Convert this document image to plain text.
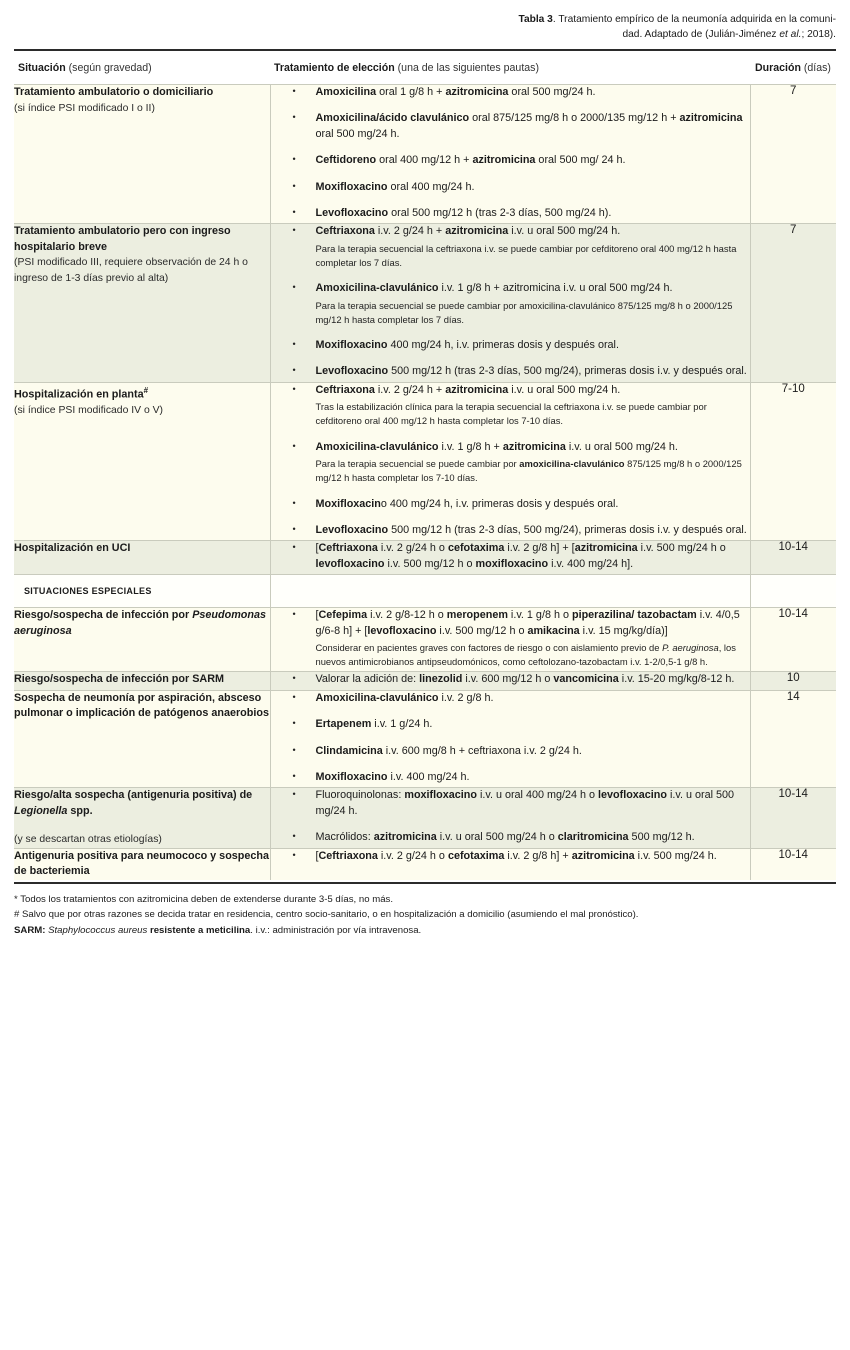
Tabla 3. Tratamiento empírico de la neumonía adquirida en la comuni-
dad. Adaptado de (Julián-Jiménez et al.; 2018).
Situación (según gravedad)	Tratamiento de elección (una de las siguientes pautas)	Duración (días)
Tratamiento ambulatorio o domiciliario
(si índice PSI modificado I o II)

• Amoxicilina oral 1 g/8 h + azitromicina oral 500 mg/24 h.
• Amoxicilina/ácido clavulánico oral 875/125 mg/8 h o 2000/135 mg/12 h + azitromicina oral 500 mg/24 h.
• Ceftidoreno oral 400 mg/12 h + azitromicina oral 500 mg/ 24 h.
• Moxifloxacino oral 400 mg/24 h.
• Levofloxacino oral 500 mg/12 h (tras 2-3 días, 500 mg/24 h).
	7

Tratamiento ambulatorio pero con ingreso hospitalario breve
(PSI modificado III, requiere observación de 24 h o ingreso de 1-3 días previo al alta)

• Ceftriaxona i.v. 2 g/24 h + azitromicina i.v. u oral 500 mg/24 h.
Para la terapia secuencial la ceftriaxona i.v. se puede cambiar por cefditoreno oral 400 mg/12 h hasta completar los 7 días.
• Amoxicilina-clavulánico i.v. 1 g/8 h + azitromicina i.v. u oral 500 mg/24 h.
Para la terapia secuencial se puede cambiar por amoxicilina-clavulánico 875/125 mg/8 h o 2000/125 mg/12 h hasta completar los 7 días.
• Moxifloxacino 400 mg/24 h, i.v. primeras dosis y después oral.
• Levofloxacino 500 mg/12 h (tras 2-3 días, 500 mg/24), primeras dosis i.v. y después oral.
	7

Hospitalización en planta#
(si índice PSI modificado IV o V)

• Ceftriaxona i.v. 2 g/24 h + azitromicina i.v. u oral 500 mg/24 h.
Tras la estabilización clínica para la terapia secuencial la ceftriaxona i.v. se puede cambiar por cefditoreno oral 400 mg/12 h hasta completar los 7-10 días.
• Amoxicilina-clavulánico i.v. 1 g/8 h + azitromicina i.v. u oral 500 mg/24 h.
Para la terapia secuencial se puede cambiar por amoxicilina-clavulánico 875/125 mg/8 h o 2000/125 mg/12 h hasta completar los 7-10 días.
• Moxifloxacino 400 mg/24 h, i.v. primeras dosis y después oral.
• Levofloxacino 500 mg/12 h (tras 2-3 días, 500 mg/24), primeras dosis i.v. y después oral.
	7-10

Hospitalización en UCI

•[Ceftriaxona i.v. 2 g/24 h o cefotaxima i.v. 2 g/8 h] + [azitromicina i.v. 500 mg/24 h o levofloxacino i.v. 500 mg/12 h o moxifloxacino i.v. 400 mg/24 h].
	10-14

SITUACIONES ESPECIALES		

Riesgo/sospecha de infección por Pseudomonas aeruginosa

• [Cefepima i.v. 2 g/8-12 h o meropenem i.v. 1 g/8 h o piperazilina/ tazobactam i.v. 4/0,5 g/6-8 h] + [levofloxacino i.v. 500 mg/12 h o amikacina i.v. 15 mg/kg/día)]
Considerar en pacientes graves con factores de riesgo o con aislamiento previo de P. aeruginosa, los nuevos antimicrobianos antipseudomónicos, como ceftolozano-tazobactam i.v. 1-2/0,5-1 g/8 h.
	10-14

Riesgo/sospecha de infección por SARM

•Valorar la adición de: linezolid i.v. 600 mg/12 h o vancomicina i.v. 15-20 mg/kg/8-12 h.	10

Sospecha de neumonía por aspiración, absceso pulmonar o implicación de patógenos anaerobios

• Amoxicilina-clavulánico i.v. 2 g/8 h.
• Ertapenem i.v. 1 g/24 h.
• Clindamicina i.v. 600 mg/8 h + ceftriaxona i.v. 2 g/24 h.
• Moxifloxacino i.v. 400 mg/24 h.
	14

Riesgo/alta sospecha (antigenuria positiva) de Legionella spp.
(y se descartan otras etiologías)

• Fluoroquinolonas: moxifloxacino i.v. u oral 400 mg/24 h o levofloxacino i.v. u oral 500 mg/24 h.
• Macrólidos: azitromicina i.v. u oral 500 mg/24 h o claritromicina 500 mg/12 h.
	10-14

Antigenuria positiva para neumococo y sospecha de bacteriemia

• [Ceftriaxona i.v. 2 g/24 h o cefotaxima i.v. 2 g/8 h] + azitromicina i.v. 500 mg/24 h.	10-14
* Todos los tratamientos con azitromicina deben de extenderse durante 3-5 días, no más.
# Salvo que por otras razones se decida tratar en residencia, centro socio-sanitario, o en hospitalización a domicilio (asumiendo el mal pronóstico).
SARM: Staphylococcus aureus resistente a meticilina. i.v.: administración por vía intravenosa.
